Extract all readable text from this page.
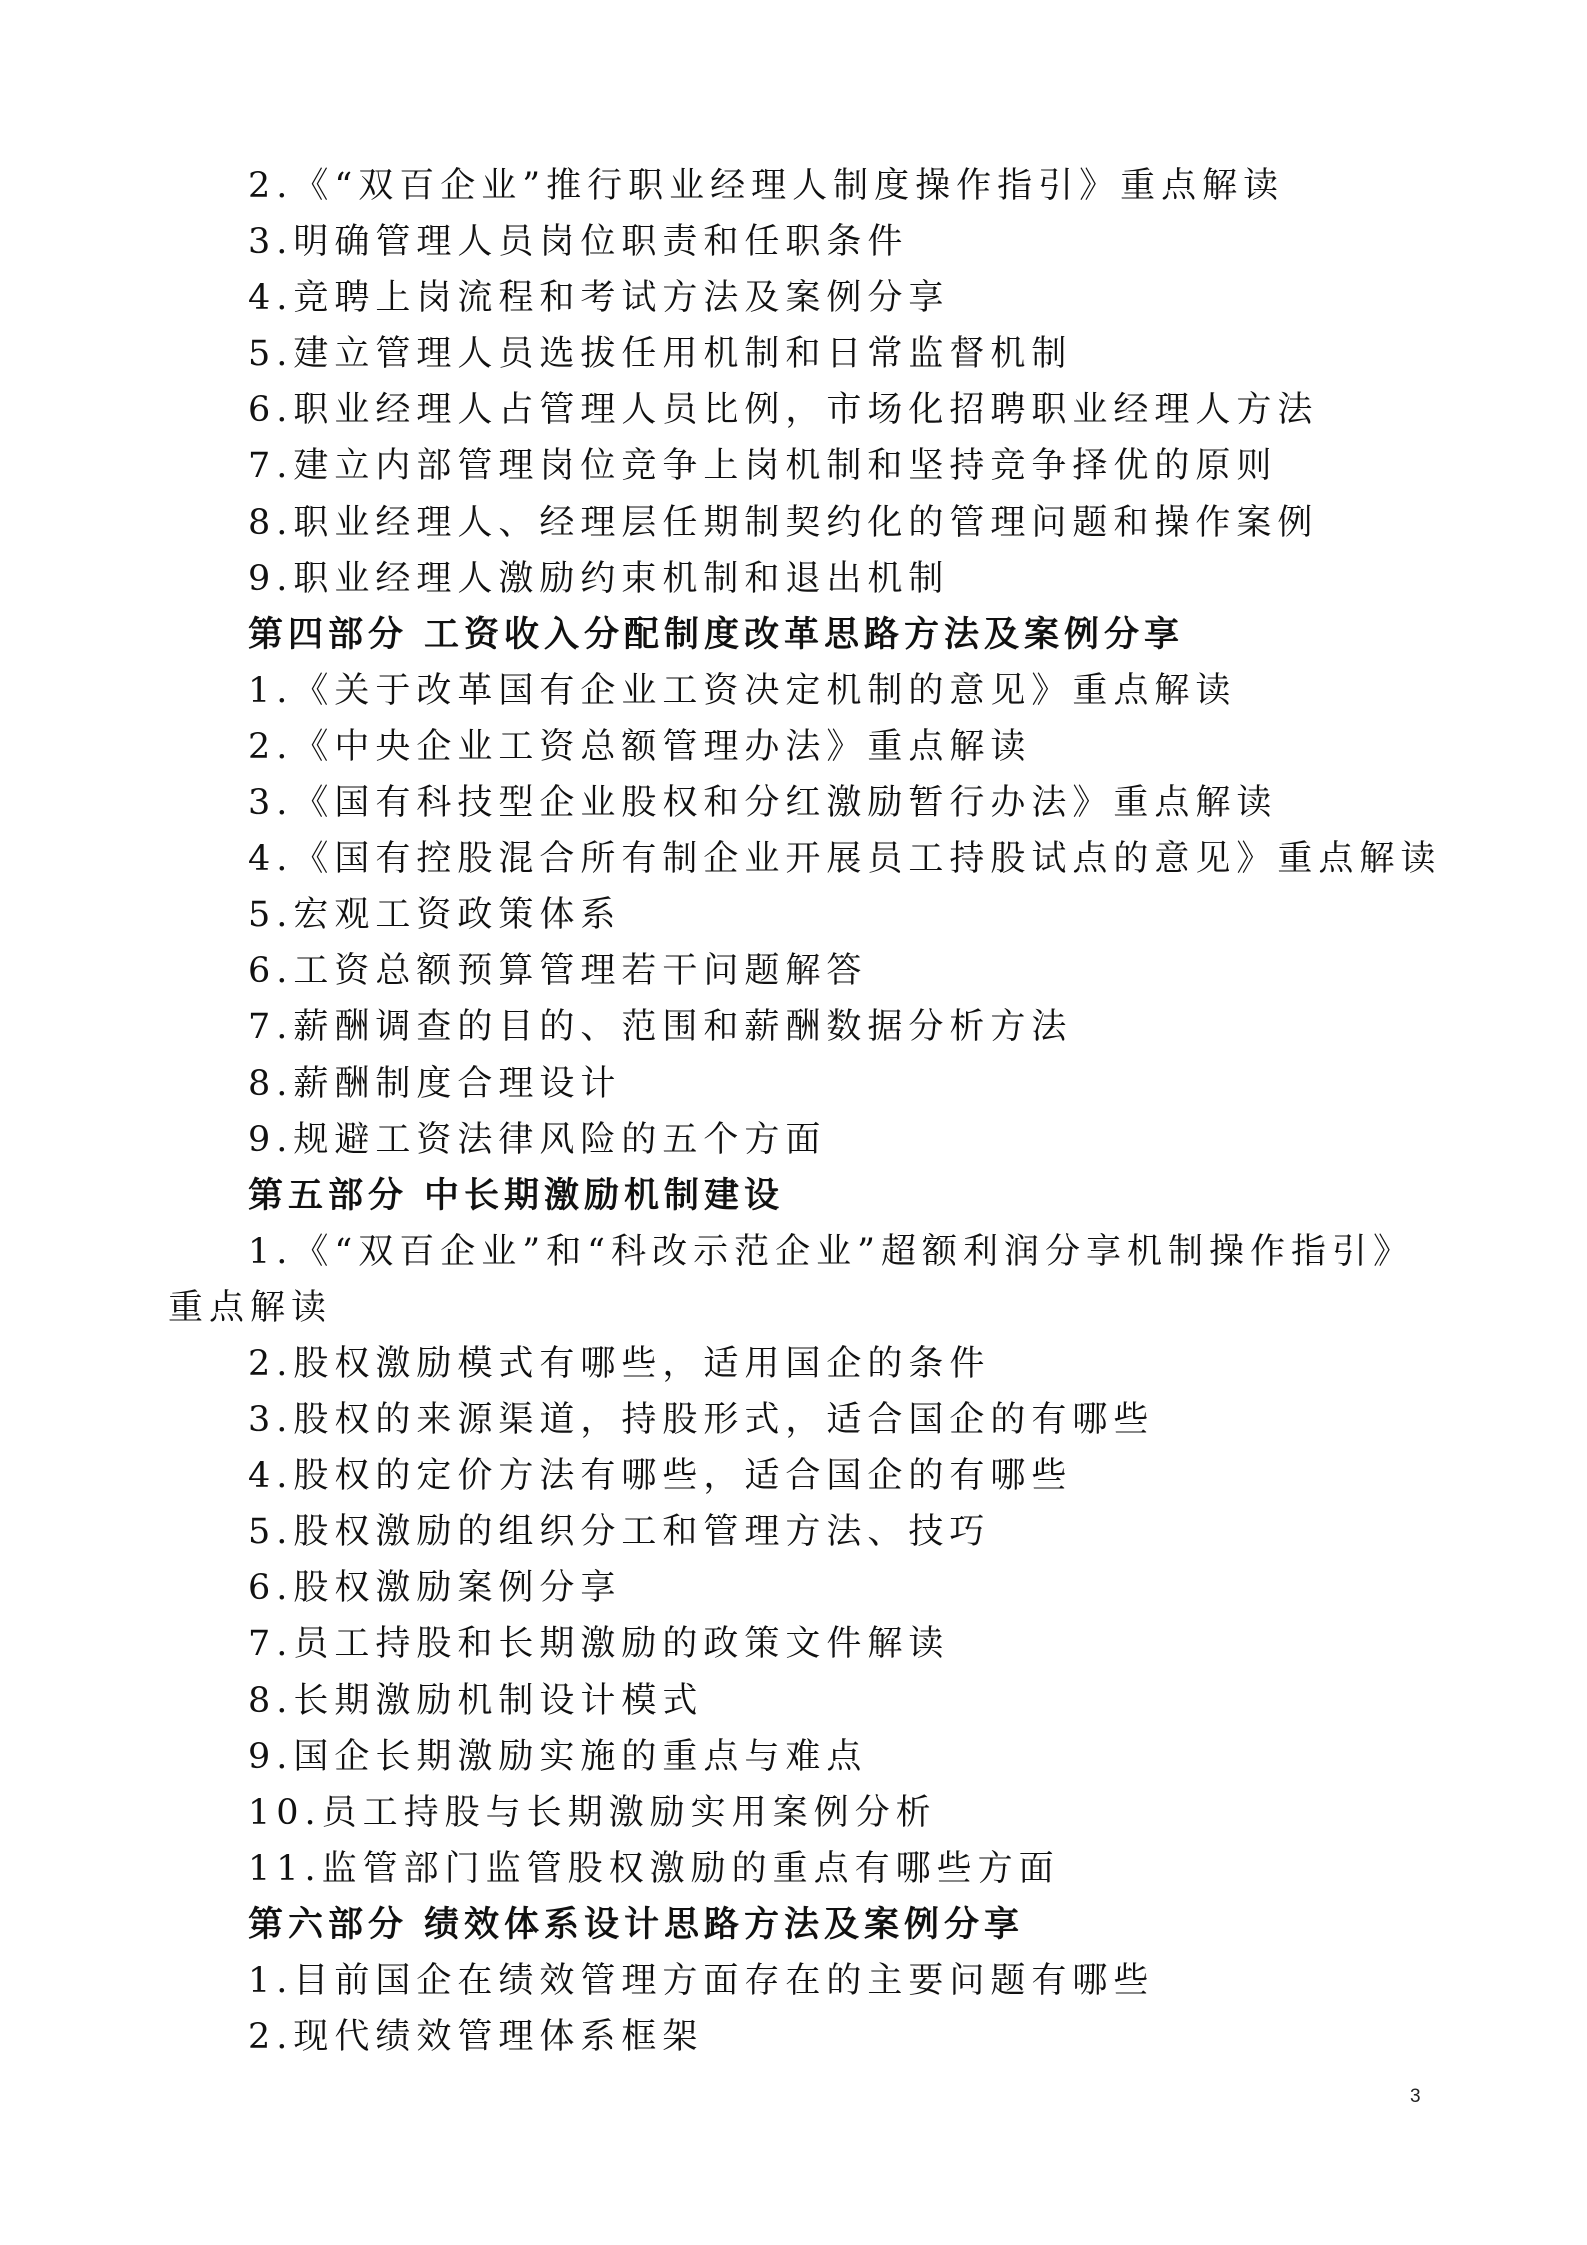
2.《“双百企业”推行职业经理人制度操作指引》重点解读
3.明确管理人员岗位职责和任职条件
4.竞聘上岗流程和考试方法及案例分享
5.建立管理人员选拔任用机制和日常监督机制
6.职业经理人占管理人员比例，市场化招聘职业经理人方法
7.建立内部管理岗位竞争上岗机制和坚持竞争择优的原则
8.职业经理人、经理层任期制契约化的管理问题和操作案例
9.职业经理人激励约束机制和退出机制
第四部分 工资收入分配制度改革思路方法及案例分享
1.《关于改革国有企业工资决定机制的意见》重点解读
2.《中央企业工资总额管理办法》重点解读
3.《国有科技型企业股权和分红激励暂行办法》重点解读
4.《国有控股混合所有制企业开展员工持股试点的意见》重点解读
5.宏观工资政策体系
6.工资总额预算管理若干问题解答
7.薪酬调查的目的、范围和薪酬数据分析方法
8.薪酬制度合理设计
9.规避工资法律风险的五个方面
第五部分 中长期激励机制建设
1.《“双百企业”和“科改示范企业”超额利润分享机制操作指引》
重点解读
2.股权激励模式有哪些，适用国企的条件
3.股权的来源渠道，持股形式，适合国企的有哪些
4.股权的定价方法有哪些，适合国企的有哪些
5.股权激励的组织分工和管理方法、技巧
6.股权激励案例分享
7.员工持股和长期激励的政策文件解读
8.长期激励机制设计模式
9.国企长期激励实施的重点与难点
10.员工持股与长期激励实用案例分析
11.监管部门监管股权激励的重点有哪些方面
第六部分 绩效体系设计思路方法及案例分享
1.目前国企在绩效管理方面存在的主要问题有哪些
2.现代绩效管理体系框架
3
